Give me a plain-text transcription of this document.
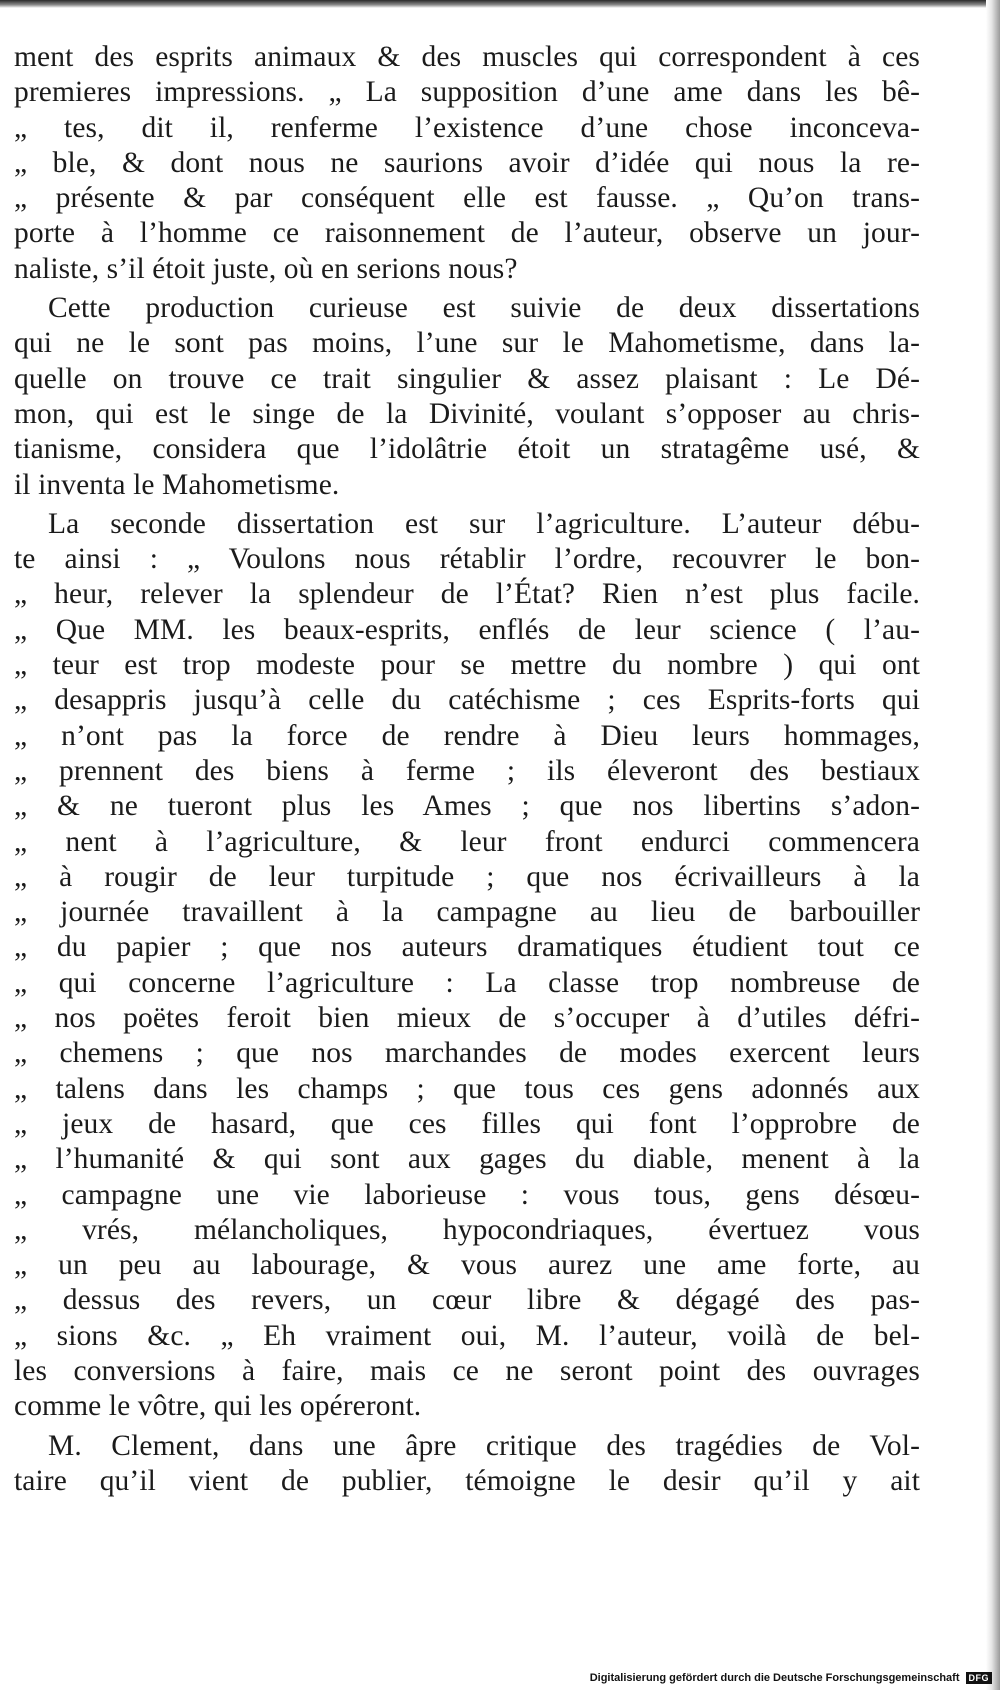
ment des esprits animaux & des muscles qui correspondent à ces
premieres impressions. „ La supposition d’une ame dans les bê-
„ tes, dit il, renferme l’existence d’une chose inconceva-
„ ble, & dont nous ne saurions avoir d’idée qui nous la re-
„ présente & par conséquent elle est fausse. „ Qu’on trans-
porte à l’homme ce raisonnement de l’auteur, observe un jour-
naliste, s’il étoit juste, où en serions nous?
Cette production curieuse est suivie de deux dissertations
qui ne le sont pas moins, l’une sur le Mahometisme, dans la-
quelle on trouve ce trait singulier & assez plaisant : Le Dé-
mon, qui est le singe de la Divinité, voulant s’opposer au chris-
tianisme, considera que l’idolâtrie étoit un stratagême usé, &
il inventa le Mahometisme.
La seconde dissertation est sur l’agriculture. L’auteur débu-
te ainsi : „ Voulons nous rétablir l’ordre, recouvrer le bon-
„ heur, relever la splendeur de l’État? Rien n’est plus facile.
„ Que MM. les beaux-esprits, enflés de leur science ( l’au-
„ teur est trop modeste pour se mettre du nombre ) qui ont
„ desappris jusqu’à celle du catéchisme ; ces Esprits-forts qui
„ n’ont pas la force de rendre à Dieu leurs hommages,
„ prennent des biens à ferme ; ils éleveront des bestiaux
„ & ne tueront plus les Ames ; que nos libertins s’adon-
„ nent à l’agriculture, & leur front endurci commencera
„ à rougir de leur turpitude ; que nos écrivailleurs à la
„ journée travaillent à la campagne au lieu de barbouiller
„ du papier ; que nos auteurs dramatiques étudient tout ce
„ qui concerne l’agriculture : La classe trop nombreuse de
„ nos poëtes feroit bien mieux de s’occuper à d’utiles défri-
„ chemens ; que nos marchandes de modes exercent leurs
„ talens dans les champs ; que tous ces gens adonnés aux
„ jeux de hasard, que ces filles qui font l’opprobre de
„ l’humanité & qui sont aux gages du diable, menent à la
„ campagne une vie laborieuse : vous tous, gens désœu-
„ vrés, mélancholiques, hypocondriaques, évertuez vous
„ un peu au labourage, & vous aurez une ame forte, au
„ dessus des revers, un cœur libre & dégagé des pas-
„ sions &c. „ Eh vraiment oui, M. l’auteur, voilà de bel-
les conversions à faire, mais ce ne seront point des ouvrages
comme le vôtre, qui les opéreront.
M. Clement, dans une âpre critique des tragédies de Vol-
taire qu’il vient de publier, témoigne le desir qu’il y ait
Digitalisierung gefördert durch die Deutsche Forschungsgemeinschaft	DFG
